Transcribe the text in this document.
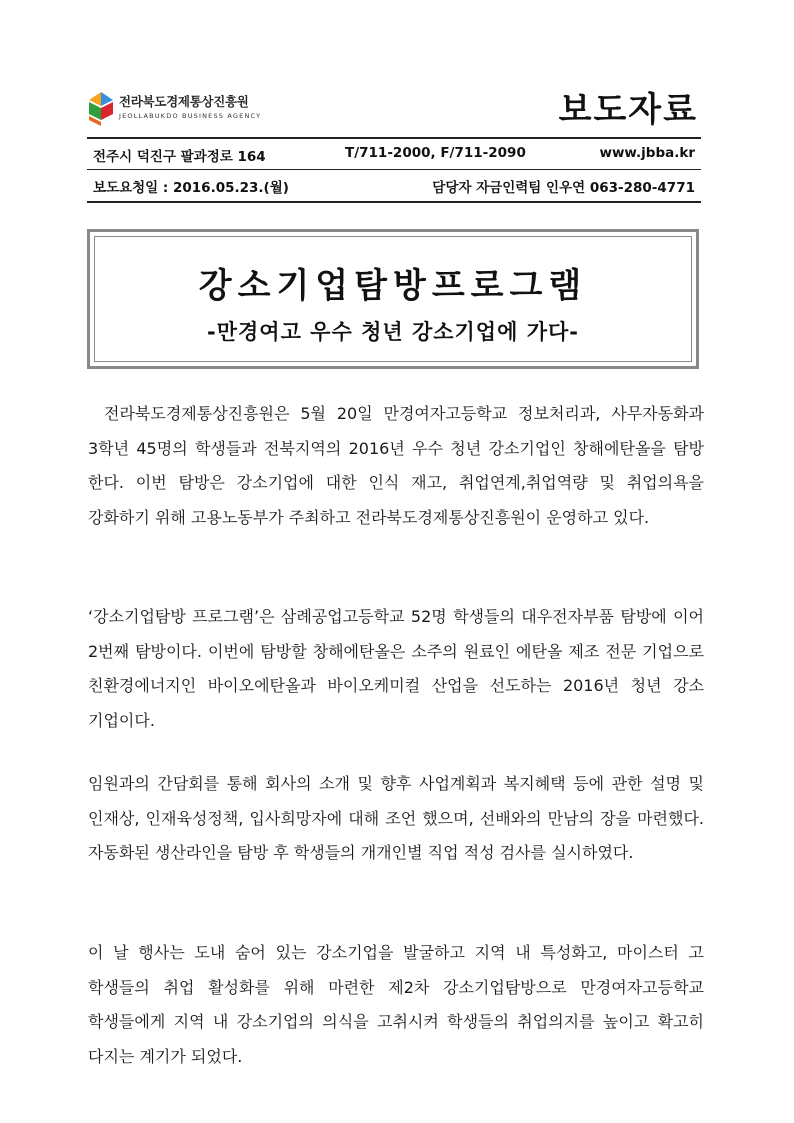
전라북도경제통상진흥원
JEOLLABUKDO BUSINESS AGENCY	보도자료
전주시 덕진구 팔과정로 164	T/711-2000, F/711-2090	www.jbba.kr
보도요청일 : 2016.05.23.(월)	담당자 자금인력팀 인우연 063-280-4771
강소기업탐방프로그램
-만경여고 우수 청년 강소기업에 가다-

전라북도경제통상진흥원은 5월 20일 만경여자고등학교 정보처리과, 사무자동화과 3학년 45명의 학생들과 전북지역의 2016년 우수 청년 강소기업인 창해에탄올을 탐방 한다. 이번 탐방은 강소기업에 대한 인식 재고, 취업연계,취업역량 및 취업의욕을 강화하기 위해 고용노동부가 주최하고 전라북도경제통상진흥원이 운영하고 있다.

‘강소기업탐방 프로그램’은 삼례공업고등학교 52명 학생들의 대우전자부품 탐방에 이어 2번째 탐방이다. 이번에 탐방할 창해에탄올은 소주의 원료인 에탄올 제조 전문 기업으로 친환경에너지인 바이오에탄올과 바이오케미컬 산업을 선도하는 2016년 청년 강소 기업이다.

임원과의 간담회를 통해 회사의 소개 및 향후 사업계획과 복지혜택 등에 관한 설명 및 인재상, 인재육성정책, 입사희망자에 대해 조언 했으며, 선배와의 만남의 장을 마련했다. 자동화된 생산라인을 탐방 후 학생들의 개개인별 직업 적성 검사를 실시하였다.

이 날 행사는 도내 숨어 있는 강소기업을 발굴하고 지역 내 특성화고, 마이스터 고 학생들의 취업 활성화를 위해 마련한 제2차 강소기업탐방으로 만경여자고등학교 학생들에게 지역 내 강소기업의 의식을 고취시켜 학생들의 취업의지를 높이고 확고히 다지는 계기가 되었다.
